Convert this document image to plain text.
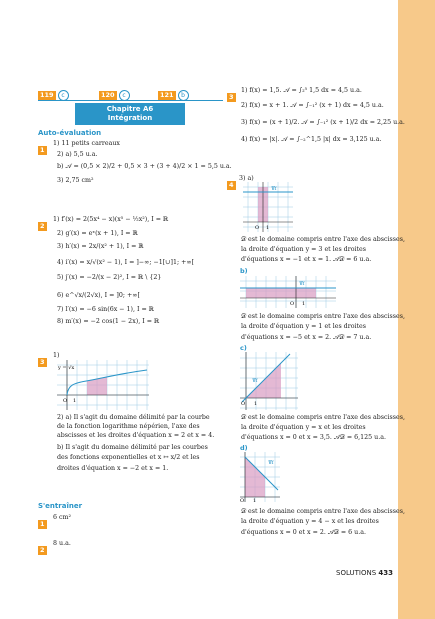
119 c	120 c	121 b
Chapitre A6
Intégration
Auto-évaluation
1
1) 11 petits carreaux
2) a) 5,5 u.a.
b) 𝒜 = (0,5 × 2)/2 + 0,5 × 3 + (3 + 4)/2 × 1 = 5,5 u.a.
3) 2,75 cm²
2
1) f′(x) = 2(5x⁴ − x)(x⁵ − ½x²), I = ℝ
2) g′(x) = eˣ(x + 1), I = ℝ
3) h′(x) = 2x/(x² + 1), I = ℝ
4) i′(x) = x/√(x² − 1), I = ]−∞; −1[∪]1; +∞[
5) j′(x) = −2/(x − 2)², I = ℝ \ {2}
6) e^√x/(2√x), I = ]0; +∞[
7) l′(x) = −6 sin(6x − 1), I = ℝ
8) m′(x) = −2 cos(1 − 2x), I = ℝ
3
1)
y = √x
O 1
2) a) Il s'agit du domaine délimité par la courbe
de la fonction logarithme népérien, l'axe des
abscisses et les droites d'équation x = 2 et x = 4.
b) Il s'agit du domaine délimité par les courbes
des fonctions exponentielles et x ↦ x/2 et les
droites d'équation x = −2 et x = 1.
S'entraîner
1
6 cm²
2
8 u.a.
3
1) f(x) = 1,5. 𝒜 = ∫₂⁵ 1,5 dx = 4,5 u.a.
2) f(x) = x + 1. 𝒜 = ∫₋₁² (x + 1) dx = 4,5 u.a.
3) f(x) = (x + 1)/2. 𝒜 = ∫₋₁² (x + 1)/2 dx = 2,25 u.a.
4) f(x) = |x|. 𝒜 = ∫₋₂^1,5 |x| dx = 3,125 u.a.
4
3) a)
𝒞f
O 1
𝒟 est le domaine compris entre l'axe des abscisses,
la droite d'équation y = 3 et les droites
d'équations x = −1 et x = 1. 𝒜𝒟 = 6 u.a.
b)
𝒞f
O 1
𝒟 est le domaine compris entre l'axe des abscisses,
la droite d'équation y = 1 et les droites
d'équations x = −5 et x = 2. 𝒜𝒟 = 7 u.a.
c)
𝒞f
O 1
𝒟 est le domaine compris entre l'axe des abscisses,
la droite d'équation y = x et les droites
d'équations x = 0 et x = 3,5. 𝒜𝒟 = 6,125 u.a.
d)
𝒞f
O 1
𝒟 est le domaine compris entre l'axe des abscisses,
la droite d'équation y = 4 − x et les droites
d'équations x = 0 et x = 2. 𝒜𝒟 = 6 u.a.
SOLUTIONS 433
